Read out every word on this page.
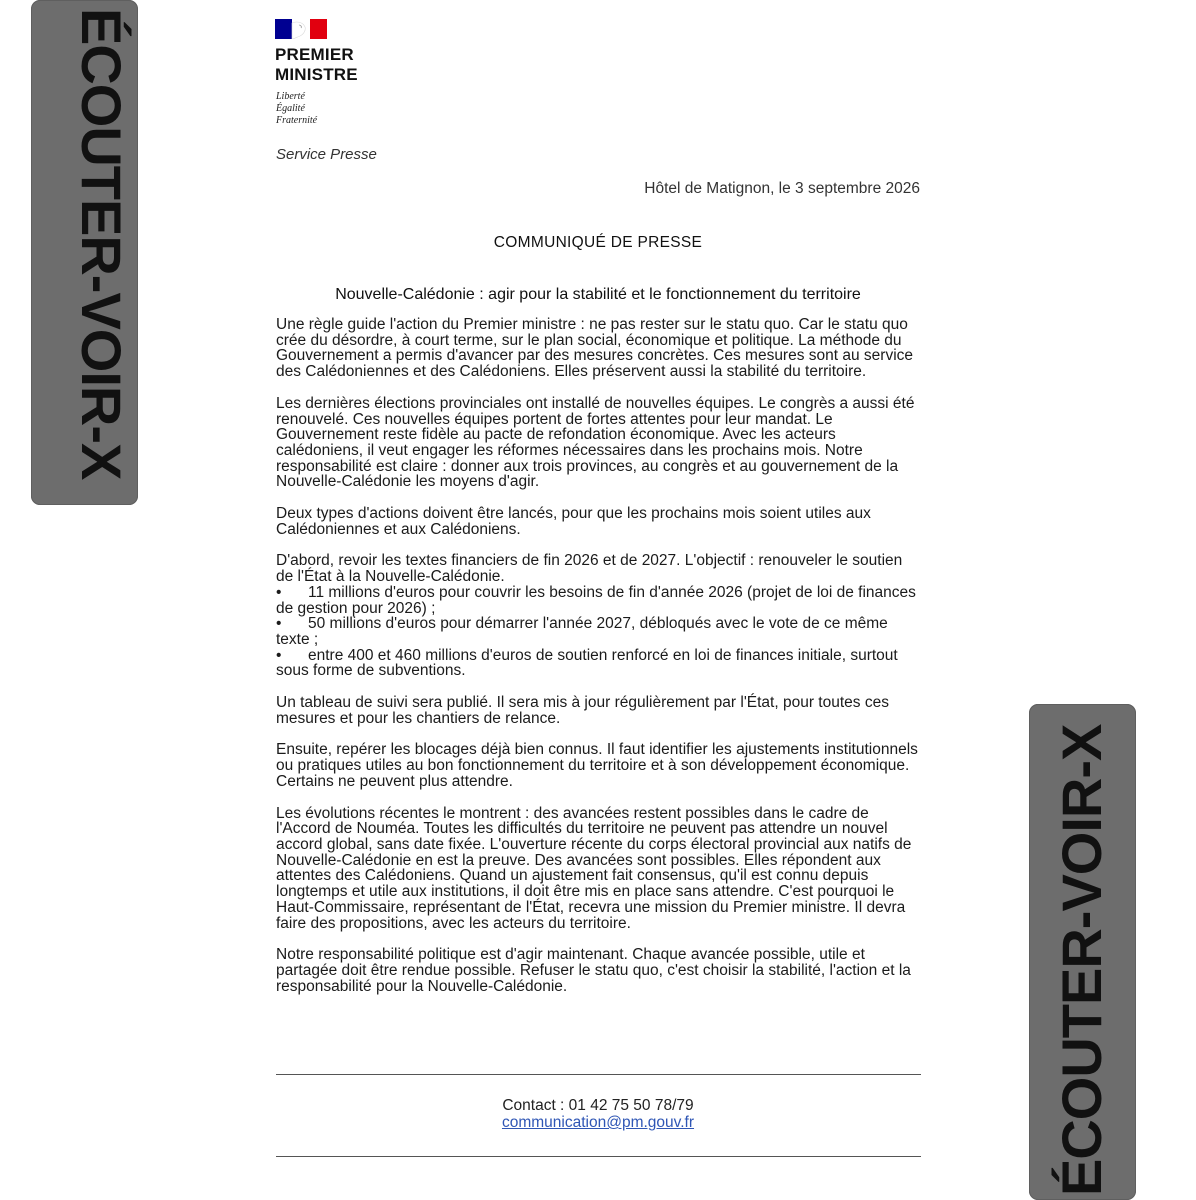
ÉCOUTER-VOIR-X	PREMIER
MINISTRE
Liberté
Égalité
Fraternité
Service Presse
Hôtel de Matignon, le 3 septembre 2026
COMMUNIQUÉ DE PRESSE
Nouvelle-Calédonie : agir pour la stabilité et le fonctionnement du territoire

Une règle guide l'action du Premier ministre : ne pas rester sur le statu quo. Car le statu quo crée du désordre, à court terme, sur le plan social, économique et politique. La méthode du Gouvernement a permis d'avancer par des mesures concrètes. Ces mesures sont au service des Calédoniennes et des Calédoniens. Elles préservent aussi la stabilité du territoire.

Les dernières élections provinciales ont installé de nouvelles équipes. Le congrès a aussi été renouvelé. Ces nouvelles équipes portent de fortes attentes pour leur mandat. Le Gouvernement reste fidèle au pacte de refondation économique. Avec les acteurs calédoniens, il veut engager les réformes nécessaires dans les prochains mois. Notre responsabilité est claire : donner aux trois provinces, au congrès et au gouvernement de la Nouvelle-Calédonie les moyens d'agir.

Deux types d'actions doivent être lancés, pour que les prochains mois soient utiles aux Calédoniennes et aux Calédoniens.

D'abord, revoir les textes financiers de fin 2026 et de 2027. L'objectif : renouveler le soutien de l'État à la Nouvelle-Calédonie.

• 11 millions d'euros pour couvrir les besoins de fin d'année 2026 (projet de loi de finances de gestion pour 2026) ;
• 50 millions d'euros pour démarrer l'année 2027, débloqués avec le vote de ce même texte ;
• entre 400 et 460 millions d'euros de soutien renforcé en loi de finances initiale, surtout sous forme de subventions.

Un tableau de suivi sera publié. Il sera mis à jour régulièrement par l'État, pour toutes ces mesures et pour les chantiers de relance.

Ensuite, repérer les blocages déjà bien connus. Il faut identifier les ajustements institutionnels ou pratiques utiles au bon fonctionnement du territoire et à son développement économique. Certains ne peuvent plus attendre.

Les évolutions récentes le montrent : des avancées restent possibles dans le cadre de l'Accord de Nouméa. Toutes les difficultés du territoire ne peuvent pas attendre un nouvel accord global, sans date fixée. L'ouverture récente du corps électoral provincial aux natifs de Nouvelle-Calédonie en est la preuve. Des avancées sont possibles. Elles répondent aux attentes des Calédoniens. Quand un ajustement fait consensus, qu'il est connu depuis longtemps et utile aux institutions, il doit être mis en place sans attendre. C'est pourquoi le Haut-Commissaire, représentant de l'État, recevra une mission du Premier ministre. Il devra faire des propositions, avec les acteurs du territoire.

Notre responsabilité politique est d'agir maintenant. Chaque avancée possible, utile et partagée doit être rendue possible. Refuser le statu quo, c'est choisir la stabilité, l'action et la responsabilité pour la Nouvelle-Calédonie.

Contact : 01 42 75 50 78/79
communication@pm.gouv.fr	ÉCOUTER-VOIR-X
